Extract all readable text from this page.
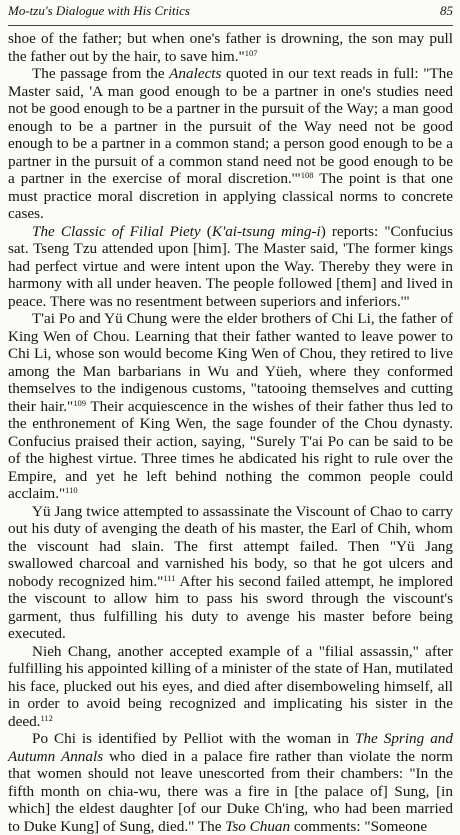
Mo-tzu's Dialogue with His Critics	85

shoe of the father; but when one's father is drowning, the son may pull the father out by the hair, to save him."$^{107}$

The passage from the Analects quoted in our text reads in full: "The Master said, 'A man good enough to be a partner in one's studies need not be good enough to be a partner in the pursuit of the Way; a man good enough to be a partner in the pursuit of the Way need not be good enough to be a partner in a common stand; a person good enough to be a partner in the pursuit of a common stand need not be good enough to be a partner in the exercise of moral discretion.'"$^{108}$ The point is that one must practice moral discretion in applying classical norms to concrete cases.

The Classic of Filial Piety (K'ai-tsung ming-i) reports: "Confucius sat. Tseng Tzu attended upon [him]. The Master said, 'The former kings had perfect virtue and were intent upon the Way. Thereby they were in harmony with all under heaven. The people followed [them] and lived in peace. There was no resentment between superiors and inferiors.'"

T'ai Po and Yü Chung were the elder brothers of Chi Li, the father of King Wen of Chou. Learning that their father wanted to leave power to Chi Li, whose son would become King Wen of Chou, they retired to live among the Man barbarians in Wu and Yüeh, where they conformed themselves to the indigenous customs, "tatooing themselves and cutting their hair."$^{109}$ Their acquiescence in the wishes of their father thus led to the enthronement of King Wen, the sage founder of the Chou dynasty. Confucius praised their action, saying, "Surely T'ai Po can be said to be of the highest virtue. Three times he abdicated his right to rule over the Empire, and yet he left behind nothing the common people could acclaim."$^{110}$

Yü Jang twice attempted to assassinate the Viscount of Chao to carry out his duty of avenging the death of his master, the Earl of Chih, whom the viscount had slain. The first attempt failed. Then "Yü Jang swallowed charcoal and varnished his body, so that he got ulcers and nobody recognized him."$^{111}$ After his second failed attempt, he implored the viscount to allow him to pass his sword through the viscount's garment, thus fulfilling his duty to avenge his master before being executed.

Nieh Chang, another accepted example of a "filial assassin," after fulfilling his appointed killing of a minister of the state of Han, mutilated his face, plucked out his eyes, and died after disemboweling himself, all in order to avoid being recognized and implicating his sister in the deed.$^{112}$

Po Chi is identified by Pelliot with the woman in The Spring and Autumn Annals who died in a palace fire rather than violate the norm that women should not leave unescorted from their chambers: "In the fifth month on chia-wu, there was a fire in [the palace of] Sung, [in which] the eldest daughter [of our Duke Ch'ing, who had been married to Duke Kung] of Sung, died." The Tso Chuan comments: "Someone
